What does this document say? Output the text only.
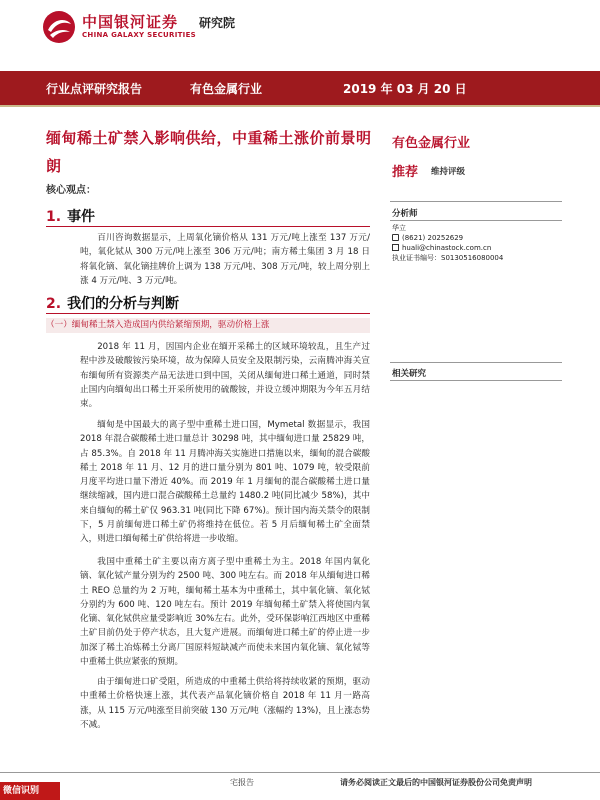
中国银河证券
CHINA GALAXY SECURITIES
研究院
行业点评研究报告	有色金属行业	2019 年 03 月 20 日
缅甸稀土矿禁入影响供给，中重稀土涨价前景明朗
核心观点：
1. 事件
百川咨询数据显示，上周氧化镝价格从 131 万元/吨上涨至 137 万元/吨，氧化铽从 300 万元/吨上涨至 306 万元/吨；南方稀土集团 3 月 18 日将氧化镝、氧化镝挂牌价上调为 138 万元/吨、308 万元/吨，较上周分别上涨 4 万元/吨、3 万元/吨。
2. 我们的分析与判断
（一）缅甸稀土禁入造成国内供给紧缩预期，驱动价格上涨
2018 年 11 月，因国内企业在缅开采稀土的区域环境较乱，且生产过程中涉及破酸铵污染环境，故为保障人员安全及限制污染，云南腾冲海关宣布缅甸所有资源类产品无法进口到中国，关闭从缅甸进口稀土通道，同时禁止国内向缅甸出口稀土开采所使用的硫酸铵，并设立缓冲期限为今年五月结束。
缅甸是中国最大的离子型中重稀土进口国，Mymetal 数据显示，我国 2018 年混合碳酸稀土进口量总计 30298 吨，其中缅甸进口量 25829 吨，占 85.3%。自 2018 年 11 月腾冲海关实施进口措施以来，缅甸的混合碳酸稀土 2018 年 11 月、12 月的进口量分别为 801 吨、1079 吨，较受限前月度平均进口量下滑近 40%。而 2019 年 1 月缅甸的混合碳酸稀土进口量继续缩减，国内进口混合碳酸稀土总量约 1480.2 吨(同比减少 58%)，其中来自缅甸的稀土矿仅 963.31 吨(同比下降 67%)。预计国内海关禁令的限制下，5 月前缅甸进口稀土矿仍将维持在低位。若 5 月后缅甸稀土矿全面禁入，则进口缅甸稀土矿供给将进一步收缩。
我国中重稀土矿主要以南方离子型中重稀土为主。2018 年国内氧化镝、氧化铽产量分别为约 2500 吨、300 吨左右。而 2018 年从缅甸进口稀土 REO 总量约为 2 万吨，缅甸稀土基本为中重稀土，其中氧化镝、氧化铽分别约为 600 吨、120 吨左右。预计 2019 年缅甸稀土矿禁入将使国内氧化镝、氧化铽供应量受影响近 30%左右。此外，受环保影响江西地区中重稀土矿目前仍处于停产状态，且大复产进展。而缅甸进口稀土矿的停止进一步加深了稀土冶炼稀土分离厂国原料短缺减产而使未来国内氧化镝、氧化铽等中重稀土供应紧张的预期。
由于缅甸进口矿受阻，所造成的中重稀土供给将持续收紧的预期，驱动中重稀土价格快速上涨，其代表产品氧化镝价格自 2018 年 11 月一路高涨，从 115 万元/吨涨至目前突破 130 万元/吨（涨幅约 13%)，且上涨态势不减。
有色金属行业
推荐 维持评级
分析师
华立
(8621) 20252629
huali@chinastock.com.cn
执业证书编号：S0130516080004
相关研究
宅报告	请务必阅读正文最后的中国银河证券股份公司免责声明
微信识别
